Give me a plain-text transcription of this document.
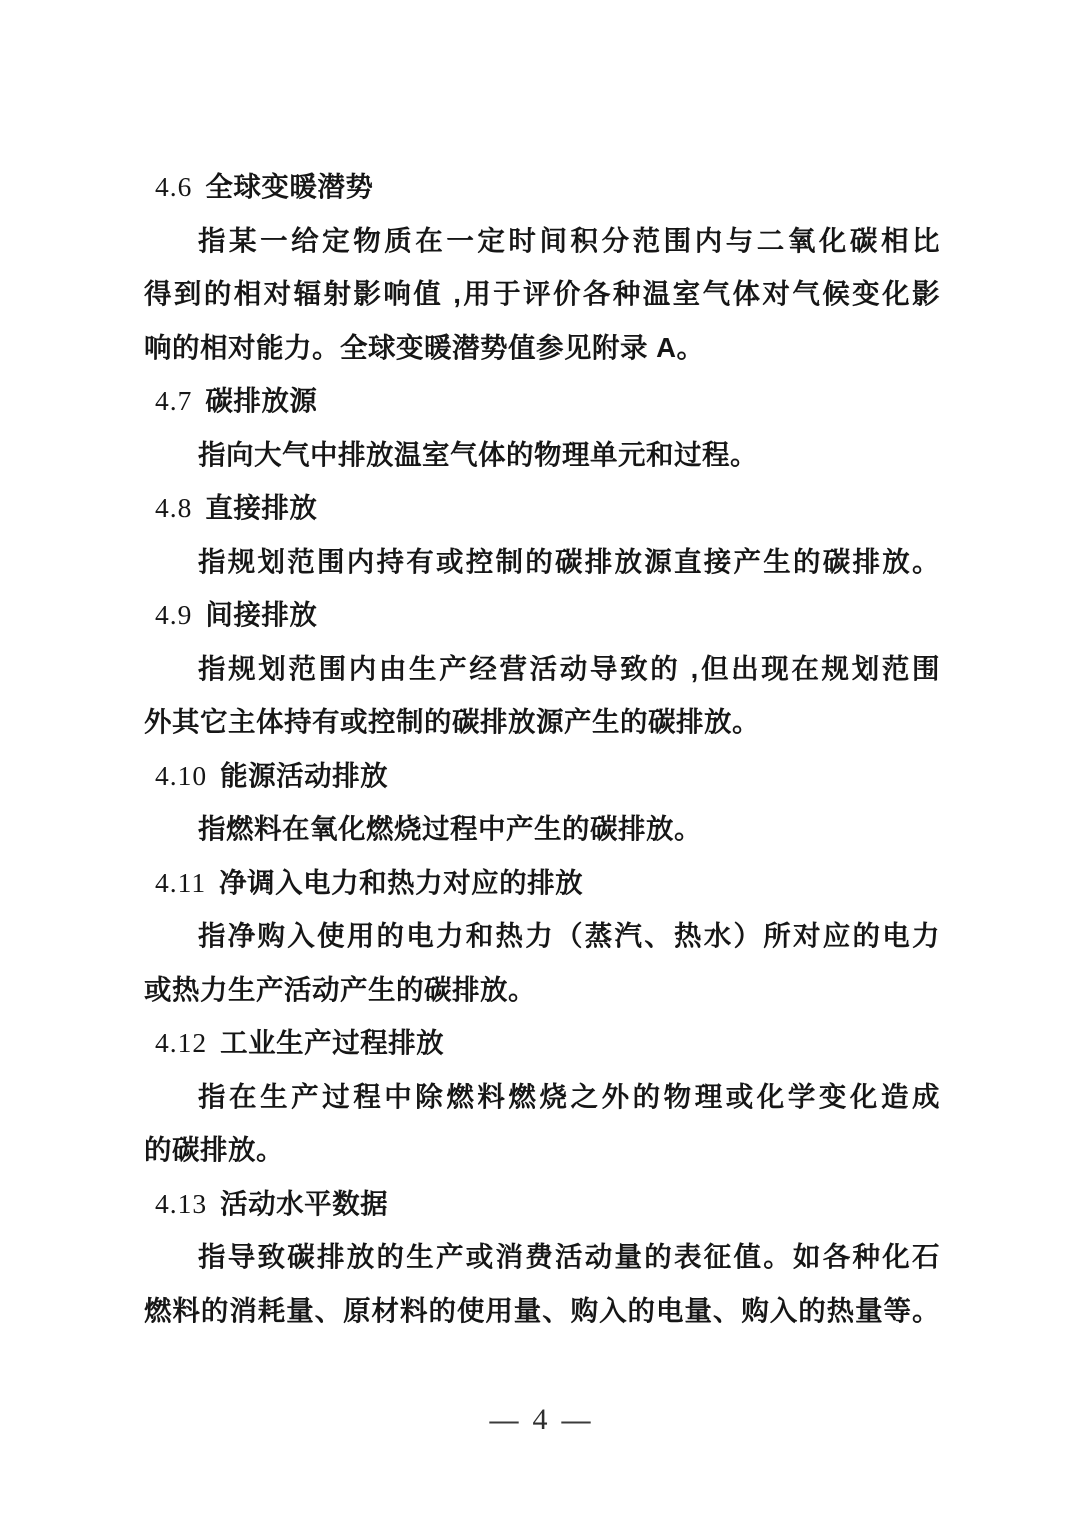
4.6 全球变暖潜势

指某一给定物质在一定时间积分范围内与二氧化碳相比

得到的相对辐射影响值 ,用于评价各种温室气体对气候变化影

响的相对能力。全球变暖潜势值参见附录 A。

4.7 碳排放源

指向大气中排放温室气体的物理单元和过程。

4.8 直接排放

指规划范围内持有或控制的碳排放源直接产生的碳排放。

4.9 间接排放

指规划范围内由生产经营活动导致的 ,但出现在规划范围

外其它主体持有或控制的碳排放源产生的碳排放。

4.10 能源活动排放

指燃料在氧化燃烧过程中产生的碳排放。

4.11 净调入电力和热力对应的排放

指净购入使用的电力和热力（蒸汽、热水）所对应的电力

或热力生产活动产生的碳排放。

4.12 工业生产过程排放

指在生产过程中除燃料燃烧之外的物理或化学变化造成

的碳排放。

4.13 活动水平数据

指导致碳排放的生产或消费活动量的表征值。如各种化石

燃料的消耗量、原材料的使用量、购入的电量、购入的热量等。

— 4 —
